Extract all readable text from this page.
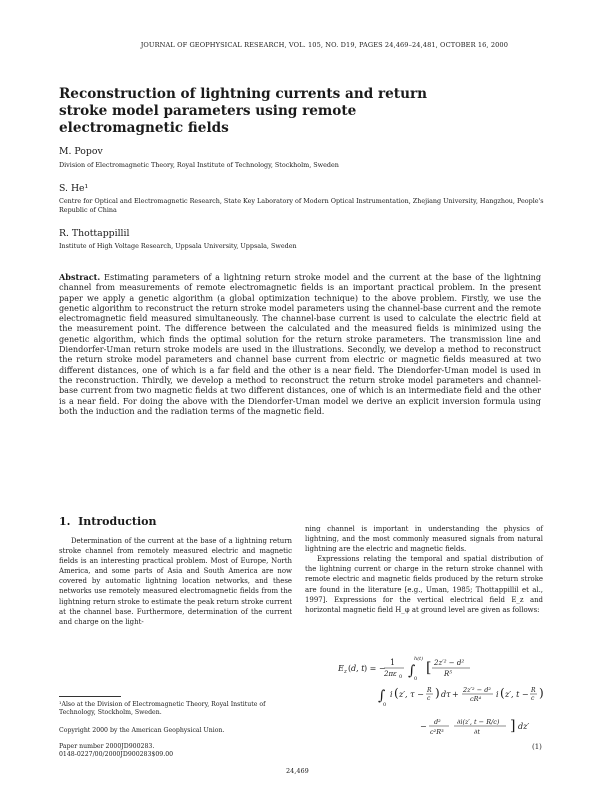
JOURNAL OF GEOPHYSICAL RESEARCH, VOL. 105, NO. D19, PAGES 24,469–24,481, OCTOBER 16, 2000
Reconstruction of lightning currents and return stroke model parameters using remote electromagnetic fields
M. Popov
Division of Electromagnetic Theory, Royal Institute of Technology, Stockholm, Sweden
S. He¹
Centre for Optical and Electromagnetic Research, State Key Laboratory of Modern Optical Instrumentation, Zhejiang University, Hangzhou, People's Republic of China
R. Thottappillil
Institute of High Voltage Research, Uppsala University, Uppsala, Sweden
Abstract. Estimating parameters of a lightning return stroke model and the current at the base of the lightning channel from measurements of remote electromagnetic fields is an important practical problem. In the present paper we apply a genetic algorithm (a global optimization technique) to the above problem. Firstly, we use the genetic algorithm to reconstruct the return stroke model parameters using the channel-base current and the remote electromagnetic field measured simultaneously. The channel-base current is used to calculate the electric field at the measurement point. The difference between the calculated and the measured fields is minimized using the genetic algorithm, which finds the optimal solution for the return stroke parameters. The transmission line and Diendorfer-Uman return stroke models are used in the illustrations. Secondly, we develop a method to reconstruct the return stroke model parameters and channel base current from electric or magnetic fields measured at two different distances, one of which is a far field and the other is a near field. The Diendorfer-Uman model is used in the reconstruction. Thirdly, we develop a method to reconstruct the return stroke model parameters and channel-base current from two magnetic fields at two different distances, one of which is an intermediate field and the other is a near field. For doing the above with the Diendorfer-Uman model we derive an explicit inversion formula using both the induction and the radiation terms of the magnetic field.
1. Introduction

Determination of the current at the base of a lightning return stroke channel from remotely measured electric and magnetic fields is an interesting practical problem. Most of Europe, North America, and some parts of Asia and South America are now covered by automatic lightning location networks, and these networks use remotely measured electromagnetic fields from the lightning return stroke to estimate the peak return stroke current at the channel base. Furthermore, determination of the current and charge on the light-

ning channel is important in understanding the physics of lightning, and the most commonly measured signals from natural lightning are the electric and magnetic fields.

Expressions relating the temporal and spatial distribution of the lightning current or charge in the return stroke channel with remote electric and magnetic fields produced by the return stroke are found in the literature [e.g., Uman, 1985; Thottappillil et al., 1997]. Expressions for the vertical electrical field E_z and horizontal magnetic field H_φ at ground level are given as follows:

¹Also at the Division of Electromagnetic Theory, Royal Institute of Technology, Stockholm, Sweden.
Copyright 2000 by the American Geophysical Union.
Paper number 2000JD900283.
0148-0227/00/2000JD900283$09.00
E z ( d, t ) = −
1
2πε 0 ∫
h(t)
0
[ 2z′² − d²
R⁵
∫
0
i ( z′, τ − R
c ) dτ + 2z′² − d²
cR⁴ i ( z′, t − R
c )
− d²
c²R³
∂i(z′, t − R/c)
∂t ] dz′
(1)
24,469
